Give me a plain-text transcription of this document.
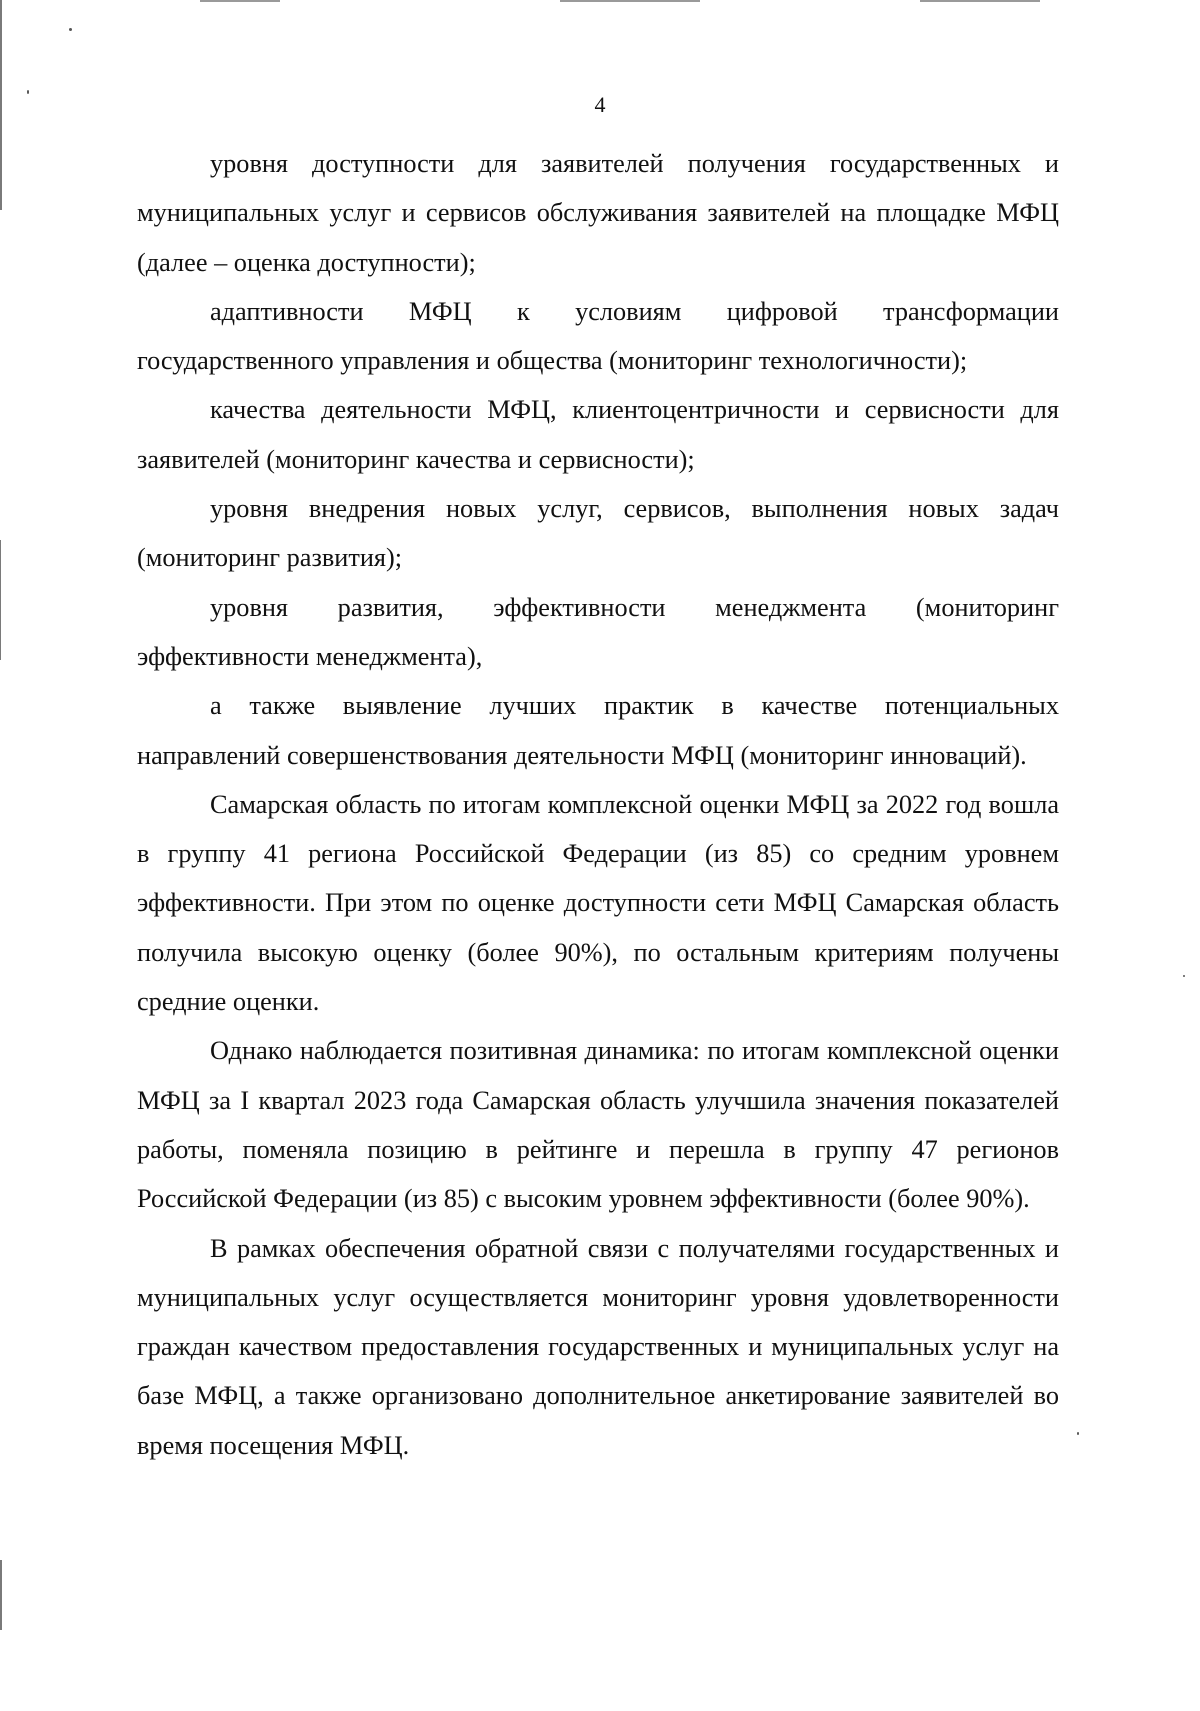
4

уровня доступности для заявителей получения государственных и муниципальных услуг и сервисов обслуживания заявителей на площадке МФЦ (далее – оценка доступности);

адаптивности МФЦ к условиям цифровой трансформации государственного управления и общества (мониторинг технологичности);

качества деятельности МФЦ, клиентоцентричности и сервисности для заявителей (мониторинг качества и сервисности);

уровня внедрения новых услуг, сервисов, выполнения новых задач (мониторинг развития);

уровня развития, эффективности менеджмента (мониторинг эффективности менеджмента),

а также выявление лучших практик в качестве потенциальных направлений совершенствования деятельности МФЦ (мониторинг инноваций).

Самарская область по итогам комплексной оценки МФЦ за 2022 год вошла в группу 41 региона Российской Федерации (из 85) со средним уровнем эффективности. При этом по оценке доступности сети МФЦ Самарская область получила высокую оценку (более 90%), по остальным критериям получены средние оценки.

Однако наблюдается позитивная динамика: по итогам комплексной оценки МФЦ за I квартал 2023 года Самарская область улучшила значения показателей работы, поменяла позицию в рейтинге и перешла в группу 47 регионов Российской Федерации (из 85) с высоким уровнем эффективности (более 90%).

В рамках обеспечения обратной связи с получателями государственных и муниципальных услуг осуществляется мониторинг уровня удовлетворенности граждан качеством предоставления государственных и муниципальных услуг на базе МФЦ, а также организовано дополнительное анкетирование заявителей во время посещения МФЦ.
